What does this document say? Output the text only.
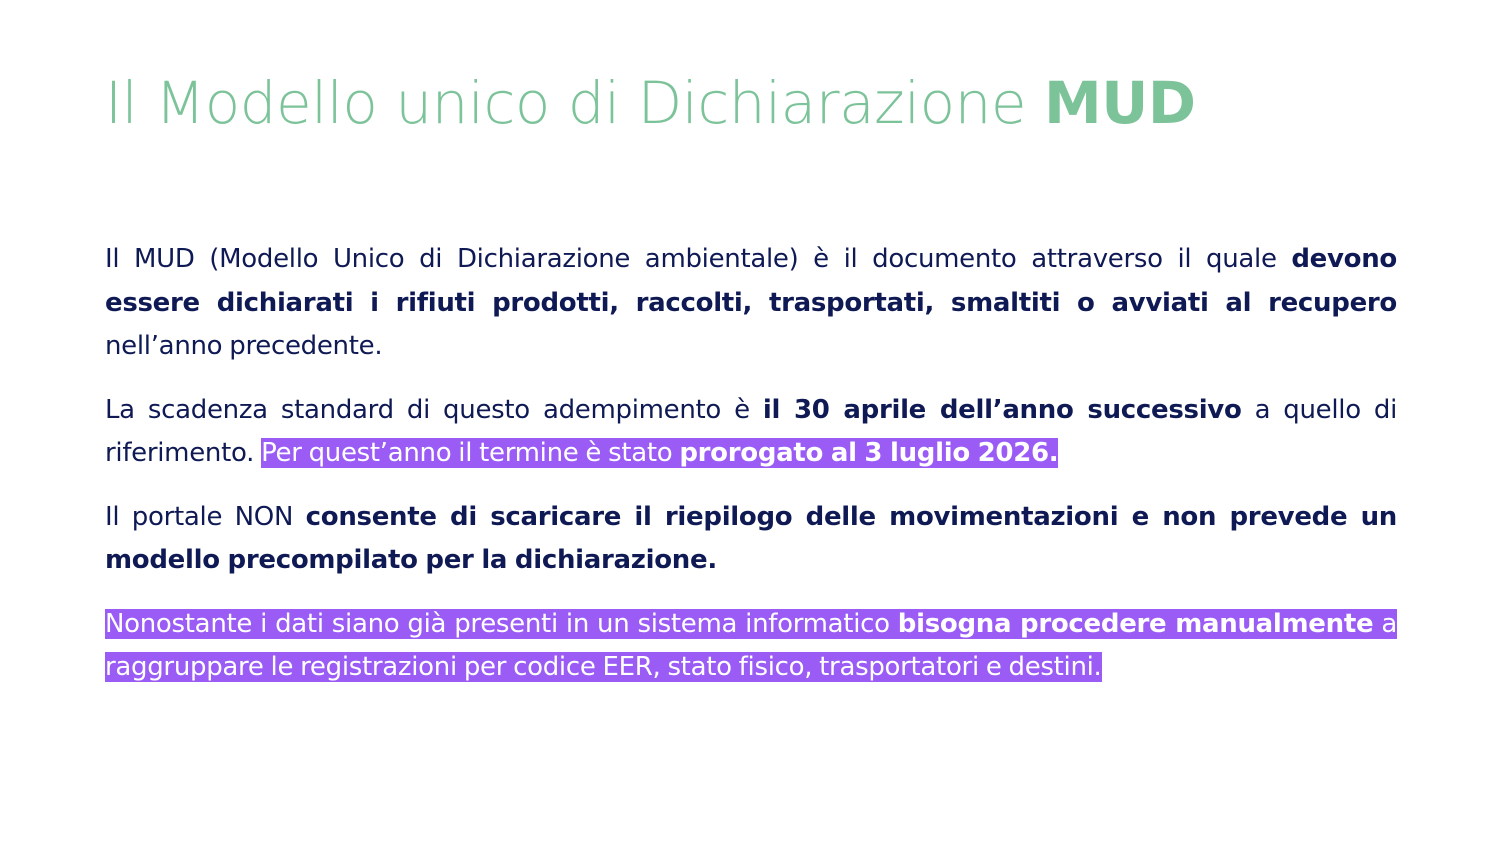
Il Modello unico di Dichiarazione MUD

Il MUD (Modello Unico di Dichiarazione ambientale) è il documento attraverso il quale devono essere dichiarati i rifiuti prodotti, raccolti, trasportati, smaltiti o avviati al recupero nell’anno precedente.

La scadenza standard di questo adempimento è il 30 aprile dell’anno successivo a quello di riferimento. Per quest’anno il termine è stato prorogato al 3 luglio 2026.

Il portale NON consente di scaricare il riepilogo delle movimentazioni e non prevede un modello precompilato per la dichiarazione.

Nonostante i dati siano già presenti in un sistema informatico bisogna procedere manualmente a raggruppare le registrazioni per codice EER, stato fisico, trasportatori e destini.
